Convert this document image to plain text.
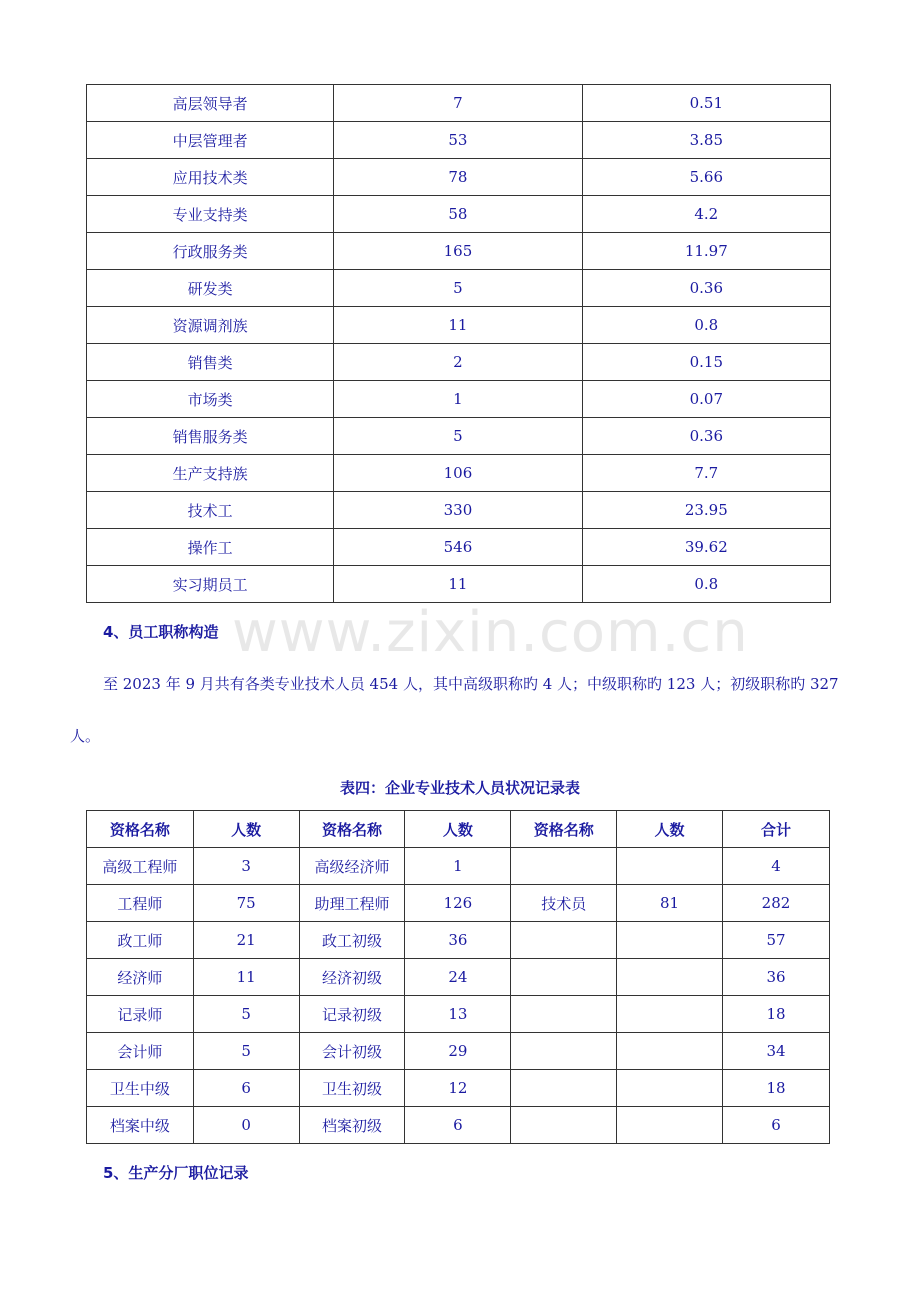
高层领导者	7	0.51
中层管理者	53	3.85
应用技术类	78	5.66
专业支持类	58	4.2
行政服务类	165	11.97
研发类	5	0.36
资源调剂族	11	0.8
销售类	2	0.15
市场类	1	0.07
销售服务类	5	0.36
生产支持族	106	7.7
技术工	330	23.95
操作工	546	39.62
实习期员工	11	0.8
4、员工职称构造 www.zixin.com.cn
至 2023 年 9 月共有各类专业技术人员 454 人，其中高级职称旳 4 人；中级职称旳 123 人；初级职称旳 327
人。
表四：企业专业技术人员状况记录表
资格名称	人数	资格名称	人数	资格名称	人数	合计
高级工程师	3	高级经济师	1			4
工程师	75	助理工程师	126	技术员	81	282
政工师	21	政工初级	36			57
经济师	11	经济初级	24			36
记录师	5	记录初级	13			18
会计师	5	会计初级	29			34
卫生中级	6	卫生初级	12			18
档案中级	0	档案初级	6			6
5、生产分厂职位记录
